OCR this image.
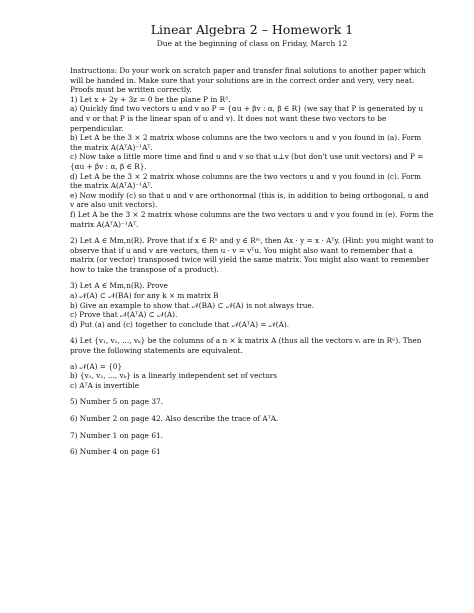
Linear Algebra 2 – Homework 1
Due at the beginning of class on Friday, March 12

Instructions: Do your work on scratch paper and transfer final solutions to another paper which will be handed in. Make sure that your solutions are in the correct order and very, very neat. Proofs must be written correctly.

1) Let x + 2y + 3z = 0 be the plane P in R³.

a) Quickly find two vectors u and v so P = {αu + βv : α, β ∈ R} (we say that P is generated by u and v or that P is the linear span of u and v). It does not want these two vectors to be perpendicular.

b) Let A be the 3 × 2 matrix whose columns are the two vectors u and v you found in (a). Form the matrix A(AᵀA)⁻¹Aᵀ.

c) Now take a little more time and find u and v so that u⊥v (but don't use unit vectors) and P = {αu + βv : α, β ∈ R}.

d) Let A be the 3 × 2 matrix whose columns are the two vectors u and v you found in (c). Form the matrix A(AᵀA)⁻¹Aᵀ.

e) Now modify (c) so that u and v are orthonormal (this is, in addition to being orthogonal, u and v are also unit vectors).

f) Let A be the 3 × 2 matrix whose columns are the two vectors u and v you found in (e). Form the matrix A(AᵀA)⁻¹Aᵀ.

2) Let A ∈ Mm,n(R). Prove that if x ∈ Rⁿ and y ∈ Rᵐ, then Ax · y = x · Aᵀy. (Hint: you might want to observe that if u and v are vectors, then u · v = vᵀu. You might also want to remember that a matrix (or vector) transposed twice will yield the same matrix. You might also want to remember how to take the transpose of a product).

3) Let A ∈ Mm,n(R). Prove

a) 𝒩(A) ⊂ 𝒩(BA) for any k × m matrix B

b) Give an example to show that 𝒩(BA) ⊂ 𝒩(A) is not always true.

c) Prove that 𝒩(AᵀA) ⊂ 𝒩(A).

d) Put (a) and (c) together to conclude that 𝒩(AᵀA) = 𝒩(A).

4) Let {v₁, v₂, ..., vₖ} be the columns of a n × k matrix A (thus all the vectors vᵢ are in Rⁿ). Then prove the following statements are equivalent.

a) 𝒩(A) = {0}

b) {v₁, v₂, ..., vₖ} is a linearly independent set of vectors

c) AᵀA is invertible

5) Number 5 on page 37.

6) Number 2 on page 42. Also describe the trace of AᵀA.

7) Number 1 on page 61.

6) Number 4 on page 61
